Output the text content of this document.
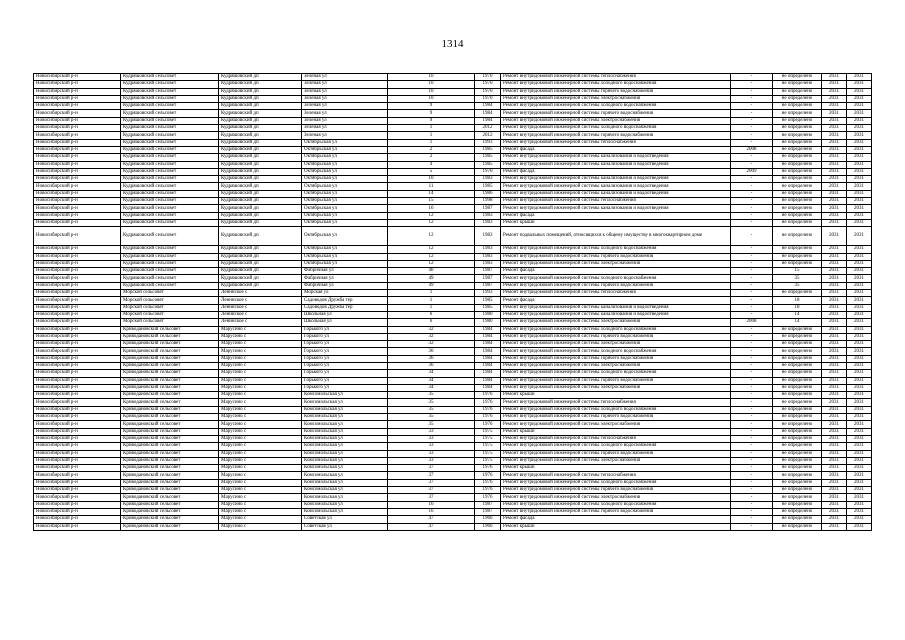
1314
Новосибирский р-н	Кудряшовский сельсовет	Кудряшовский дп	Зеленая ул	10	1970	Ремонт внутридомовой инженерной системы теплоснабжения	-	не определено	2031	2031
Новосибирский р-н	Кудряшовский сельсовет	Кудряшовский дп	Зеленая ул	10	1970	Ремонт внутридомовой инженерной системы холодного водоснабжения	-	не определено	2031	2031
Новосибирский р-н	Кудряшовский сельсовет	Кудряшовский дп	Зеленая ул	10	1970	Ремонт внутридомовой инженерной системы горячего водоснабжения	-	не определено	2031	2031
Новосибирский р-н	Кудряшовский сельсовет	Кудряшовский дп	Зеленая ул	10	1970	Ремонт внутридомовой инженерной системы электроснабжения	-	не определено	2031	2031
Новосибирский р-н	Кудряшовский сельсовет	Кудряшовский дп	Зеленая ул	9	1984	Ремонт внутридомовой инженерной системы холодного водоснабжения	-	не определено	2031	2031
Новосибирский р-н	Кудряшовский сельсовет	Кудряшовский дп	Зеленая ул	9	1984	Ремонт внутридомовой инженерной системы горячего водоснабжения	-	не определено	2031	2031
Новосибирский р-н	Кудряшовский сельсовет	Кудряшовский дп	Зеленая ул	9	1984	Ремонт внутридомовой инженерной системы электроснабжения	-	не определено	2031	2031
Новосибирский р-н	Кудряшовский сельсовет	Кудряшовский дп	Зеленая ул	1	2012	Ремонт внутридомовой инженерной системы холодного водоснабжения	-	не определено	2031	2031
Новосибирский р-н	Кудряшовский сельсовет	Кудряшовский дп	Зеленая ул	1	2012	Ремонт внутридомовой инженерной системы горячего водоснабжения	-	не определено	2031	2031
Новосибирский р-н	Кудряшовский сельсовет	Кудряшовский дп	Октябрьская ул	1	1993	Ремонт внутридомовой инженерной системы теплоснабжения	-	не определено	2031	2031
Новосибирский р-н	Кудряшовский сельсовет	Кудряшовский дп	Октябрьская ул	2	1985	Ремонт фасада	2008	не определено	2031	2031
Новосибирский р-н	Кудряшовский сельсовет	Кудряшовский дп	Октябрьская ул	2	1985	Ремонт внутридомовой инженерной системы канализования и водоотведения	-	не определено	2031	2031
Новосибирский р-н	Кудряшовский сельсовет	Кудряшовский дп	Октябрьская ул	4	1985	Ремонт внутридомовой инженерной системы канализования и водоотведения	-	не определено	2031	2031
Новосибирский р-н	Кудряшовский сельсовет	Кудряшовский дп	Октябрьская ул	5	1970	Ремонт фасада	2009	не определено	2031	2031
Новосибирский р-н	Кудряшовский сельсовет	Кудряшовский дп	Октябрьская ул	10	1983	Ремонт внутридомовой инженерной системы канализования и водоотведения	-	не определено	2031	2031
Новосибирский р-н	Кудряшовский сельсовет	Кудряшовский дп	Октябрьская ул	11	1985	Ремонт внутридомовой инженерной системы канализования и водоотведения	-	не определено	2031	2031
Новосибирский р-н	Кудряшовский сельсовет	Кудряшовский дп	Октябрьская ул	14	1986	Ремонт внутридомовой инженерной системы канализования и водоотведения	-	не определено	2031	2031
Новосибирский р-н	Кудряшовский сельсовет	Кудряшовский дп	Октябрьская ул	15	1998	Ремонт внутридомовой инженерной системы теплоснабжения	-	не определено	2031	2031
Новосибирский р-н	Кудряшовский сельсовет	Кудряшовский дп	Октябрьская ул	16	1987	Ремонт внутридомовой инженерной системы канализования и водоотведения	-	не определено	2031	2031
Новосибирский р-н	Кудряшовский сельсовет	Кудряшовский дп	Октябрьская ул	12	1983	Ремонт фасада	-	не определено	2031	2031
Новосибирский р-н	Кудряшовский сельсовет	Кудряшовский дп	Октябрьская ул	12	1983	Ремонт крыши	-	не определено	2031	2031
Новосибирский р-н	Кудряшовский сельсовет	Кудряшовский дп	Октябрьская ул	12	1983	Ремонт подвальных помещений, относящихся к общему имуществу в многоквартирном доме	-	не определено	2031	2031
Новосибирский р-н	Кудряшовский сельсовет	Кудряшовский дп	Октябрьская ул	12	1983	Ремонт внутридомовой инженерной системы холодного водоснабжения	-	не определено	2031	2031
Новосибирский р-н	Кудряшовский сельсовет	Кудряшовский дп	Октябрьская ул	12	1983	Ремонт внутридомовой инженерной системы горячего водоснабжения	-	не определено	2031	2031
Новосибирский р-н	Кудряшовский сельсовет	Кудряшовский дп	Октябрьская ул	12	1983	Ремонт внутридомовой инженерной системы электроснабжения	-	не определено	2031	2031
Новосибирский р-н	Кудряшовский сельсовет	Кудряшовский дп	Фабричная ул	40	1987	Ремонт фасада	-	15	2031	2031
Новосибирский р-н	Кудряшовский сельсовет	Кудряшовский дп	Фабричная ул	49	1987	Ремонт внутридомовой инженерной системы холодного водоснабжения	-	35	2031	2031
Новосибирский р-н	Кудряшовский сельсовет	Кудряшовский дп	Фабричная ул	49	1987	Ремонт внутридомовой инженерной системы горячего водоснабжения	-	35	2031	2031
Новосибирский р-н	Морской сельсовет	Ленинское с	Морская ул	1	1993	Ремонт внутридомовой инженерной системы теплоснабжения	-	не определено	2031	2031
Новосибирский р-н	Морской сельсовет	Ленинское с	Садоводов Дружба тер	1	1985	Ремонт фасада	-	18	2031	2031
Новосибирский р-н	Морской сельсовет	Ленинское с	Садоводов Дружба тер	1	1985	Ремонт внутридомовой инженерной системы канализования и водоотведения	-	18	2031	2031
Новосибирский р-н	Морской сельсовет	Ленинское с	Школьная ул	6	1980	Ремонт внутридомовой инженерной системы канализования и водоотведения	-	14	2031	2031
Новосибирский р-н	Морской сельсовет	Ленинское с	Школьная ул	6	1980	Ремонт внутридомовой инженерной системы электроснабжения	2008	14	2031	2031
Новосибирский р-н	Криводановский сельсовет	Марусино с	Горького ул	32	1984	Ремонт внутридомовой инженерной системы холодного водоснабжения	-	не определено	2031	2031
Новосибирский р-н	Криводановский сельсовет	Марусино с	Горького ул	32	1984	Ремонт внутридомовой инженерной системы горячего водоснабжения	-	не определено	2031	2031
Новосибирский р-н	Криводановский сельсовет	Марусино с	Горького ул	32	1984	Ремонт внутридомовой инженерной системы электроснабжения	-	не определено	2031	2031
Новосибирский р-н	Криводановский сельсовет	Марусино с	Горького ул	36	1984	Ремонт внутридомовой инженерной системы холодного водоснабжения	-	не определено	2031	2031
Новосибирский р-н	Криводановский сельсовет	Марусино с	Горького ул	36	1984	Ремонт внутридомовой инженерной системы горячего водоснабжения	-	не определено	2031	2031
Новосибирский р-н	Криводановский сельсовет	Марусино с	Горького ул	36	1984	Ремонт внутридомовой инженерной системы электроснабжения	-	не определено	2031	2031
Новосибирский р-н	Криводановский сельсовет	Марусино с	Горького ул	34	1984	Ремонт внутридомовой инженерной системы холодного водоснабжения	-	не определено	2031	2031
Новосибирский р-н	Криводановский сельсовет	Марусино с	Горького ул	34	1984	Ремонт внутридомовой инженерной системы горячего водоснабжения	-	не определено	2031	2031
Новосибирский р-н	Криводановский сельсовет	Марусино с	Горького ул	34	1984	Ремонт внутридомовой инженерной системы электроснабжения	-	не определено	2031	2031
Новосибирский р-н	Криводановский сельсовет	Марусино с	Комсомольская ул	35	1976	Ремонт крыши	-	не определено	2031	2031
Новосибирский р-н	Криводановский сельсовет	Марусино с	Комсомольская ул	35	1976	Ремонт внутридомовой инженерной системы теплоснабжения	-	не определено	2031	2031
Новосибирский р-н	Криводановский сельсовет	Марусино с	Комсомольская ул	35	1976	Ремонт внутридомовой инженерной системы холодного водоснабжения	-	не определено	2031	2031
Новосибирский р-н	Криводановский сельсовет	Марусино с	Комсомольская ул	35	1976	Ремонт внутридомовой инженерной системы горячего водоснабжения	-	не определено	2031	2031
Новосибирский р-н	Криводановский сельсовет	Марусино с	Комсомольская ул	35	1976	Ремонт внутридомовой инженерной системы электроснабжения	-	не определено	2031	2031
Новосибирский р-н	Криводановский сельсовет	Марусино с	Комсомольская ул	33	1975	Ремонт крыши	-	не определено	2031	2031
Новосибирский р-н	Криводановский сельсовет	Марусино с	Комсомольская ул	33	1975	Ремонт внутридомовой инженерной системы теплоснабжения	-	не определено	2031	2031
Новосибирский р-н	Криводановский сельсовет	Марусино с	Комсомольская ул	33	1975	Ремонт внутридомовой инженерной системы холодного водоснабжения	-	не определено	2031	2031
Новосибирский р-н	Криводановский сельсовет	Марусино с	Комсомольская ул	33	1975	Ремонт внутридомовой инженерной системы горячего водоснабжения	-	не определено	2031	2031
Новосибирский р-н	Криводановский сельсовет	Марусино с	Комсомольская ул	33	1975	Ремонт внутридомовой инженерной системы электроснабжения	-	не определено	2031	2031
Новосибирский р-н	Криводановский сельсовет	Марусино с	Комсомольская ул	37	1976	Ремонт крыши	-	не определено	2031	2031
Новосибирский р-н	Криводановский сельсовет	Марусино с	Комсомольская ул	37	1976	Ремонт внутридомовой инженерной системы теплоснабжения	-	не определено	2031	2031
Новосибирский р-н	Криводановский сельсовет	Марусино с	Комсомольская ул	37	1976	Ремонт внутридомовой инженерной системы холодного водоснабжения	-	не определено	2031	2031
Новосибирский р-н	Криводановский сельсовет	Марусино с	Комсомольская ул	37	1976	Ремонт внутридомовой инженерной системы горячего водоснабжения	-	не определено	2031	2031
Новосибирский р-н	Криводановский сельсовет	Марусино с	Комсомольская ул	37	1976	Ремонт внутридомовой инженерной системы электроснабжения	-	не определено	2031	2031
Новосибирский р-н	Криводановский сельсовет	Марусино с	Комсомольская ул	16	1987	Ремонт внутридомовой инженерной системы холодного водоснабжения	-	не определено	2031	2031
Новосибирский р-н	Криводановский сельсовет	Марусино с	Комсомольская ул	16	1987	Ремонт внутридомовой инженерной системы горячего водоснабжения	-	не определено	2031	2031
Новосибирский р-н	Криводановский сельсовет	Марусино с	Советская ул	47	1966	Ремонт фасада	-	не определено	2031	2031
Новосибирский р-н	Криводановский сельсовет	Марусино с	Советская ул	47	1966	Ремонт крыши	-	не определено	2031	2031
